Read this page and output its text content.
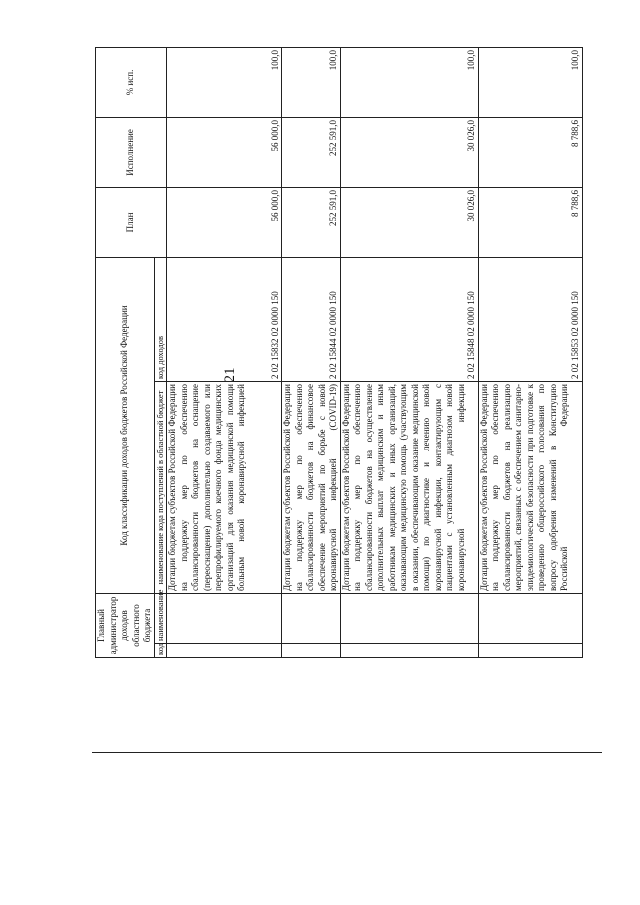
21
Главный администратор доходов областного бюджета		Код классификации доходов бюджетов Российской Федерации		План	Исполнение	% исп.
код	наименование	наименование кода поступлений в областной бюджет	код доходов			
		Дотации бюджетам субъектов Российской Федерации на поддержку мер по обеспечению сбалансированности бюджетов на оснащение (переоснащение) дополнительно создаваемого или перепрофилируемого коечного фонда медицинских организаций для оказания медицинской помощи больным новой коронавирусной инфекцией	2 02 15832 02 0000 150	56 000,0	56 000,0	100,0
		Дотации бюджетам субъектов Российской Федерации на поддержку мер по обеспечению сбалансированности бюджетов на финансовое обеспечение мероприятий по борьбе с новой коронавирусной инфекцией (COVID-19)	2 02 15844 02 0000 150	252 591,0	252 591,0	100,0
		Дотации бюджетам субъектов Российской Федерации на поддержку мер по обеспечению сбалансированности бюджетов на осуществление дополнительных выплат медицинским и иным работникам медицинских и иных организаций, оказывающим медицинскую помощь (участвующим в оказании, обеспечивающим оказание медицинской помощи) по диагностике и лечению новой коронавирусной инфекции, контактирующим с пациентами с установленным диагнозом новой коронавирусной инфекции	2 02 15848 02 0000 150	30 026,0	30 026,0	100,0
		Дотации бюджетам субъектов Российской Федерации на поддержку мер по обеспечению сбалансированности бюджетов на реализацию мероприятий, связанных с обеспечением санитарно-эпидемиологической безопасности при подготовке к проведению общероссийского голосования по вопросу одобрения изменений в Конституцию Российской Федерации	2 02 15853 02 0000 150	8 788,6	8 788,6	100,0
